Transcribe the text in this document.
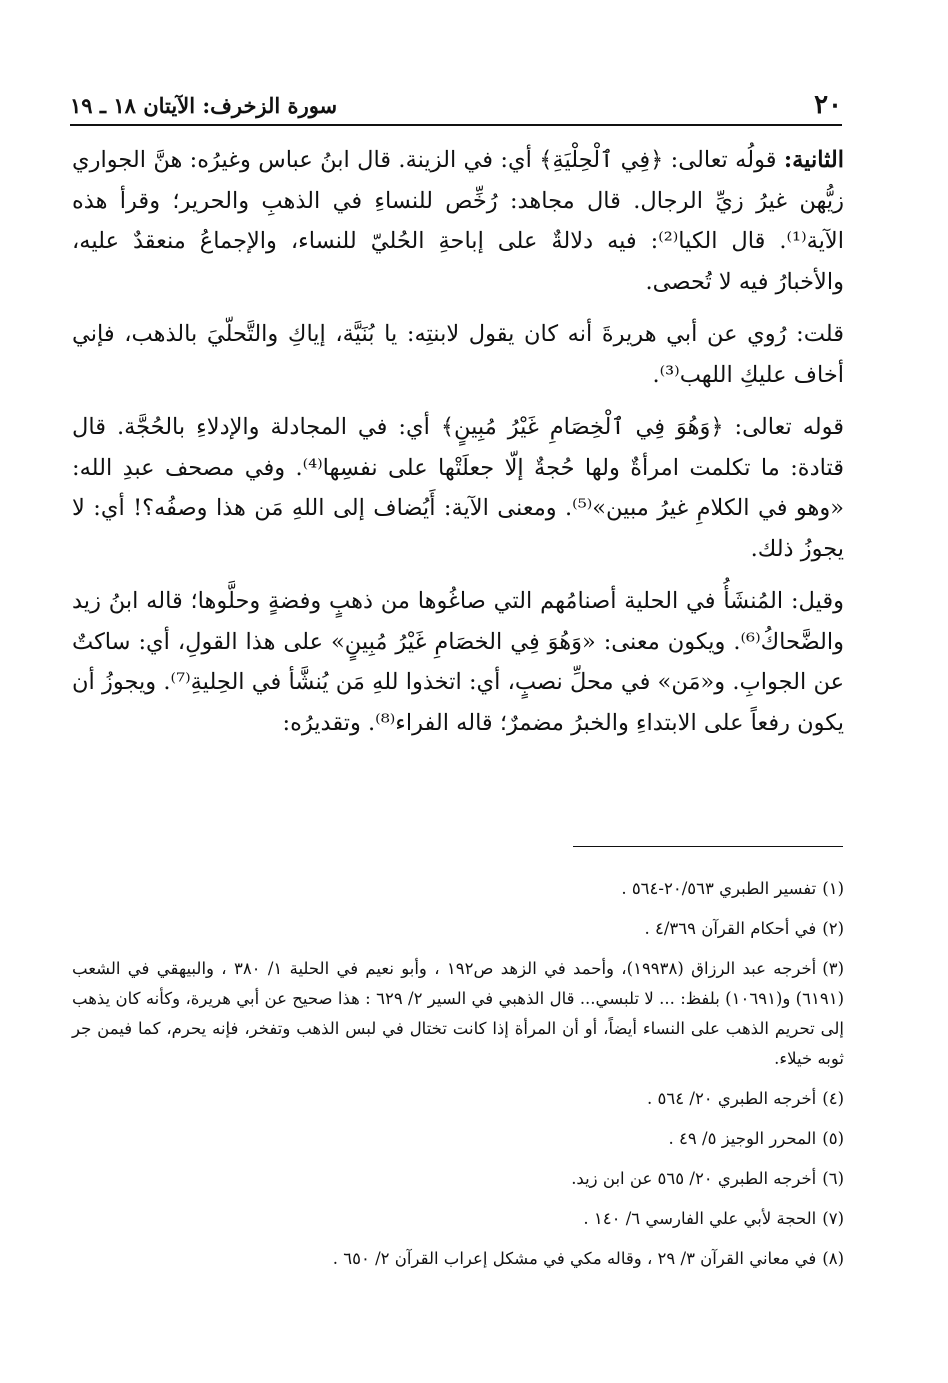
٢٠
سورة الزخرف: الآيتان ١٨ ـ ١٩

الثانية: قولُه تعالى: ﴿فِي ٱلْحِلْيَةِ﴾ أي: في الزينة. قال ابنُ عباس وغيرُه: هنَّ الجواري زيُّهن غيرُ زيِّ الرجال. قال مجاهد: رُخِّص للنساءِ في الذهبِ والحرير؛ وقرأ هذه الآية⁽¹⁾. قال الكيا⁽²⁾: فيه دلالةٌ على إباحةِ الحُليّ للنساء، والإجماعُ منعقدٌ عليه، والأخبارُ فيه لا تُحصى.

قلت: رُوي عن أبي هريرةَ أنه كان يقول لابنتِه: يا بُنَيَّة، إياكِ والتَّحلّيَ بالذهب، فإني أخاف عليكِ اللهب⁽³⁾.

قوله تعالى: ﴿وَهُوَ فِي ٱلْخِصَامِ غَيْرُ مُبِينٍ﴾ أي: في المجادلة والإدلاءِ بالحُجَّة. قال قتادة: ما تكلمت امرأةٌ ولها حُجةٌ إلّا جعلَتْها على نفسِها⁽⁴⁾. وفي مصحف عبدِ الله: «وهو في الكلامِ غيرُ مبين»⁽⁵⁾. ومعنى الآية: أَيُضاف إلى اللهِ مَن هذا وصفُه؟! أي: لا يجوزُ ذلك.

وقيل: المُنشَأُ في الحلية أصنامُهم التي صاغُوها من ذهبٍ وفضةٍ وحلَّوها؛ قاله ابنُ زيد والضَّحاكُ⁽⁶⁾. ويكون معنى: «وَهُوَ فِي الخصَامِ غَيْرُ مُبِينٍ» على هذا القولِ، أي: ساكتٌ عن الجوابِ. و«مَن» في محلِّ نصبٍ، أي: اتخذوا للهِ مَن يُنشَّأ في الحِليةِ⁽⁷⁾. ويجوزُ أن يكون رفعاً على الابتداءِ والخبرُ مضمرٌ؛ قاله الفراء⁽⁸⁾. وتقديرُه:

(١)تفسير الطبري ٢٠/٥٦٣-٥٦٤ .
(٢)في أحكام القرآن ٤/٣٦٩ .
(٣)أخرجه عبد الرزاق (١٩٩٣٨)، وأحمد في الزهد ص١٩٢ ، وأبو نعيم في الحلية ١/ ٣٨٠ ، والبيهقي في الشعب (٦١٩١) و(١٠٦٩١) بلفظ: ... لا تلبسي... قال الذهبي في السير ٢/ ٦٢٩ : هذا صحيح عن أبي هريرة، وكأنه كان يذهب إلى تحريم الذهب على النساء أيضاً، أو أن المرأة إذا كانت تختال في لبس الذهب وتفخر، فإنه يحرم، كما فيمن جر ثوبه خيلاء.
(٤)أخرجه الطبري ٢٠/ ٥٦٤ .
(٥)المحرر الوجيز ٥/ ٤٩ .
(٦)أخرجه الطبري ٢٠/ ٥٦٥ عن ابن زيد.
(٧)الحجة لأبي علي الفارسي ٦/ ١٤٠ .
(٨)في معاني القرآن ٣/ ٢٩ ، وقاله مكي في مشكل إعراب القرآن ٢/ ٦٥٠ .
